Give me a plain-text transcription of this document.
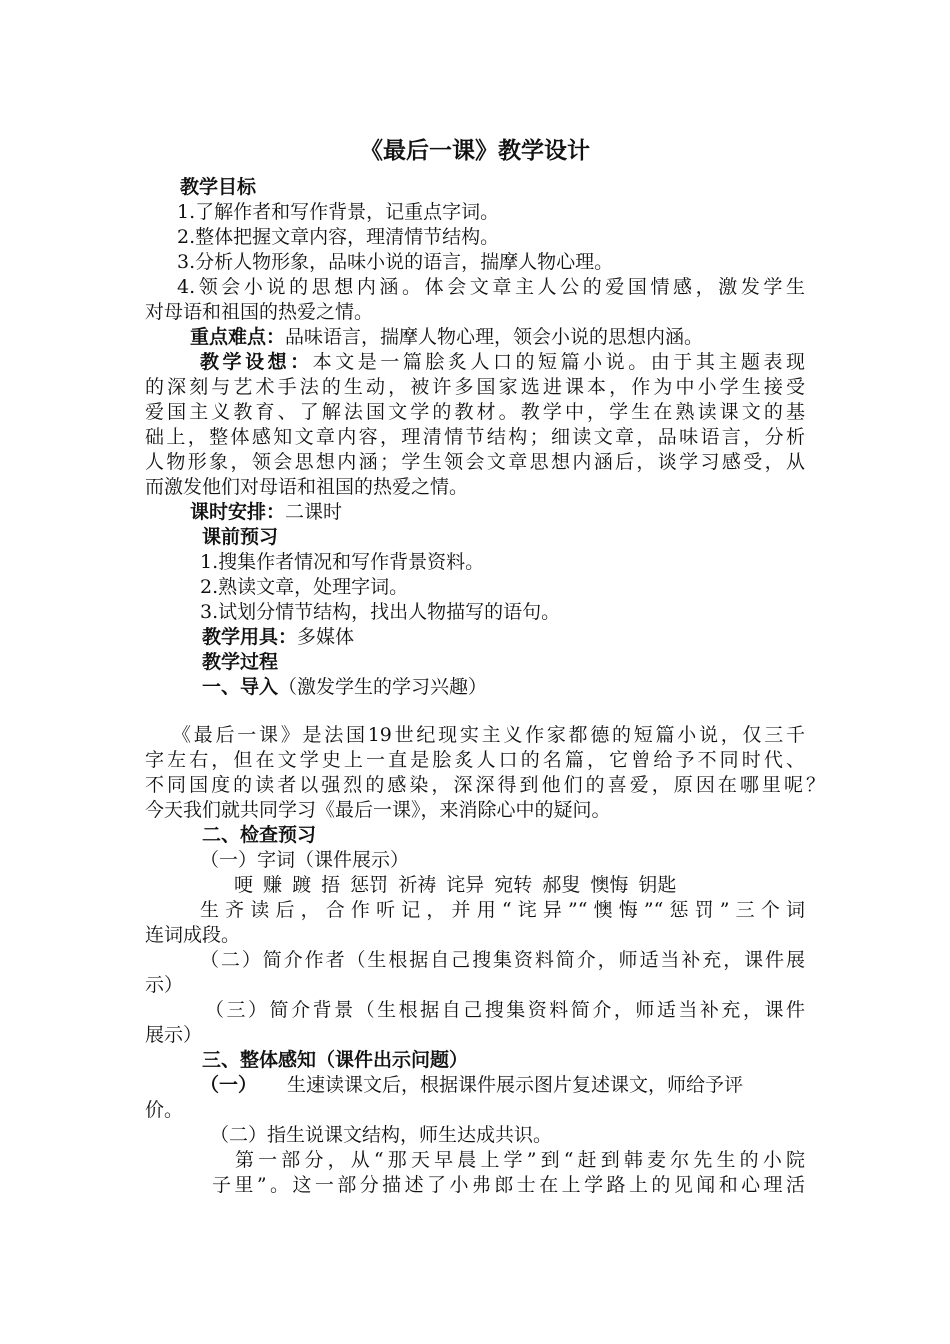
《最后一课》教学设计
教学目标
1.了解作者和写作背景，记重点字词。
2.整体把握文章内容，理清情节结构。
3.分析人物形象，品味小说的语言，揣摩人物心理。
4.领会小说的思想内涵。体会文章主人公的爱国情感，激发学生
对母语和祖国的热爱之情。
重点难点：品味语言，揣摩人物心理，领会小说的思想内涵。
教学设想：本文是一篇脍炙人口的短篇小说。由于其主题表现
的深刻与艺术手法的生动，被许多国家选进课本，作为中小学生接受
爱国主义教育、了解法国文学的教材。教学中，学生在熟读课文的基
础上，整体感知文章内容，理清情节结构；细读文章，品味语言，分析
人物形象，领会思想内涵；学生领会文章思想内涵后，谈学习感受，从
而激发他们对母语和祖国的热爱之情。
课时安排：二课时
课前预习
1.搜集作者情况和写作背景资料。
2.熟读文章，处理字词。
3.试划分情节结构，找出人物描写的语句。
教学用具：多媒体
教学过程
一、导入（激发学生的学习兴趣）
《最后一课》是法国19世纪现实主义作家都德的短篇小说，仅三千
字左右，但在文学史上一直是脍炙人口的名篇，它曾给予不同时代、
不同国度的读者以强烈的感染，深深得到他们的喜爱，原因在哪里呢？
今天我们就共同学习《最后一课》，来消除心中的疑问。
二、检查预习
（一）字词（课件展示）
哽 赚 踱 捂 惩罚 祈祷 诧异 宛转 郝叟 懊悔 钥匙
生齐读后，合作听记，并用“诧异”“懊悔”“惩罚”三个词
连词成段。
（二）简介作者（生根据自己搜集资料简介，师适当补充，课件展
示）
（三）简介背景（生根据自己搜集资料简介，师适当补充，课件
展示）
三、整体感知（课件出示问题）
（一） 生速读课文后，根据课件展示图片复述课文，师给予评
价。
（二）指生说课文结构，师生达成共识。
第一部分，从“那天早晨上学”到“赶到韩麦尔先生的小院
子里”。这一部分描述了小弗郎士在上学路上的见闻和心理活
